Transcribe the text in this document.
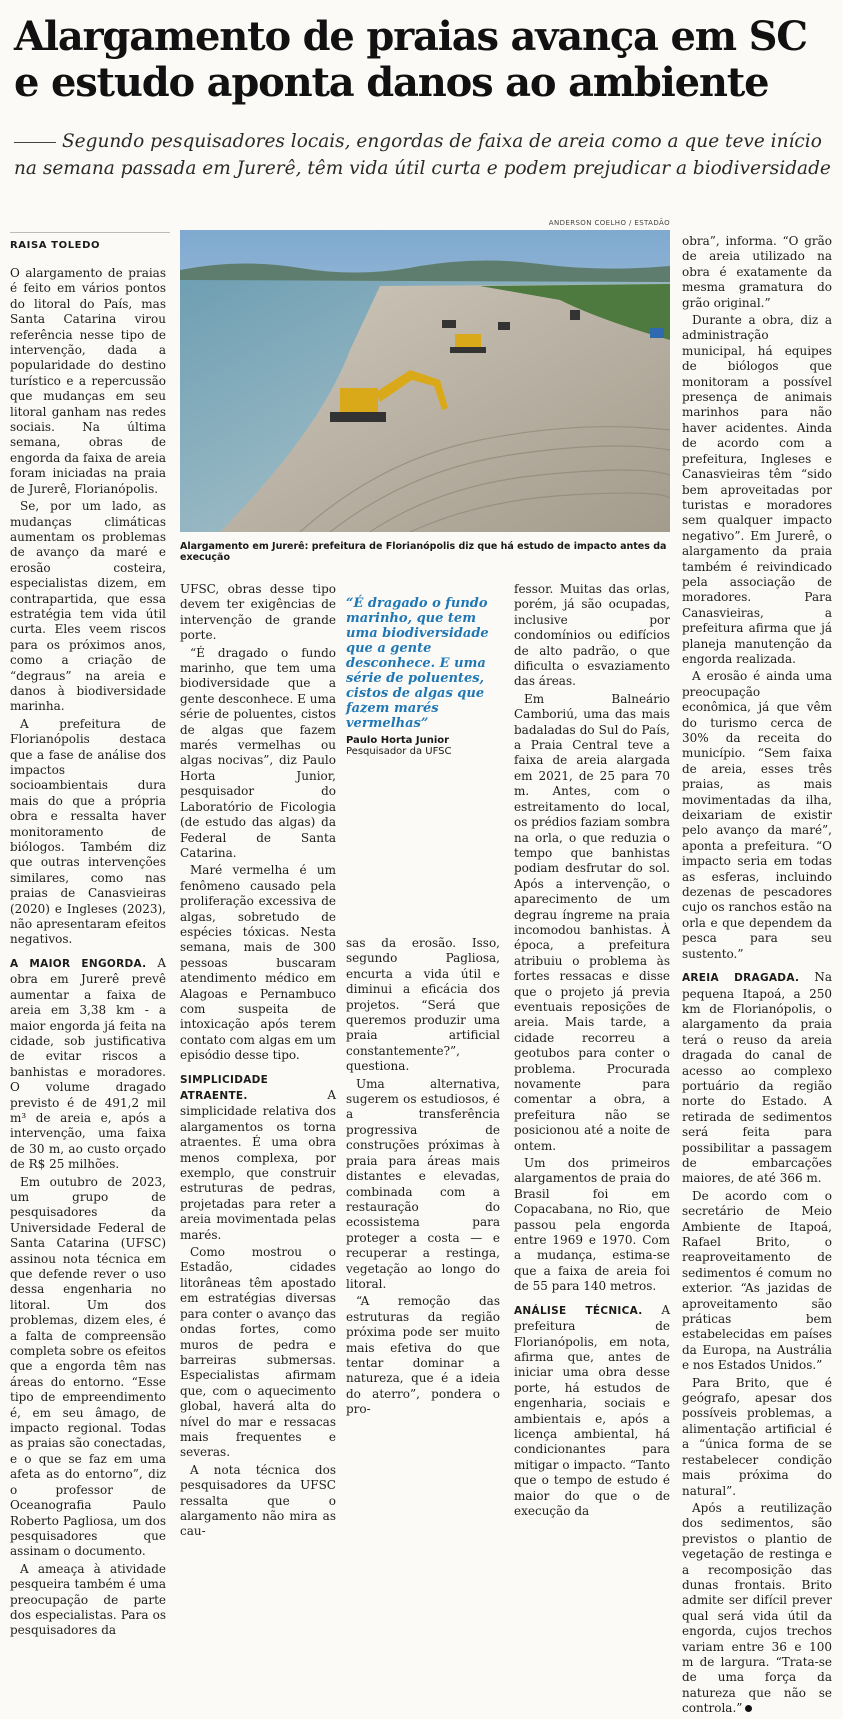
Alargamento de praias avança em SC e estudo aponta danos ao ambiente

Segundo pesquisadores locais, engordas de faixa de areia como a que teve início na semana passada em Jurerê, têm vida útil curta e podem prejudicar a biodiversidade

RAISA TOLEDO
ANDERSON COELHO / ESTADÃO
Alargamento em Jurerê: prefeitura de Florianópolis diz que há estudo de impacto antes da execução

O alargamento de praias é feito em vários pontos do litoral do País, mas Santa Catarina virou referência nesse tipo de intervenção, dada a popularidade do destino turístico e a repercussão que mudanças em seu litoral ganham nas redes sociais. Na última semana, obras de engorda da faixa de areia foram iniciadas na praia de Jurerê, Florianópolis.

Se, por um lado, as mudanças climáticas aumentam os problemas de avanço da maré e erosão costeira, especialistas dizem, em contrapartida, que essa estratégia tem vida útil curta. Eles veem riscos para os próximos anos, como a criação de “degraus” na areia e danos à biodiversidade marinha.

A prefeitura de Florianópolis destaca que a fase de análise dos impactos socioambientais dura mais do que a própria obra e ressalta haver monitoramento de biólogos. Também diz que outras intervenções similares, como nas praias de Canasvieiras (2020) e Ingleses (2023), não apresentaram efeitos negativos.

A MAIOR ENGORDA. A obra em Jurerê prevê aumentar a faixa de areia em 3,38 km - a maior engorda já feita na cidade, sob justificativa de evitar riscos a banhistas e moradores. O volume dragado previsto é de 491,2 mil m³ de areia e, após a intervenção, uma faixa de 30 m, ao custo orçado de R$ 25 milhões.

Em outubro de 2023, um grupo de pesquisadores da Universidade Federal de Santa Catarina (UFSC) assinou nota técnica em que defende rever o uso dessa engenharia no litoral. Um dos problemas, dizem eles, é a falta de compreensão completa sobre os efeitos que a engorda têm nas áreas do entorno. “Esse tipo de empreendimento é, em seu âmago, de impacto regional. Todas as praias são conectadas, e o que se faz em uma afeta as do entorno”, diz o professor de Oceanografia Paulo Roberto Pagliosa, um dos pesquisadores que assinam o documento.

A ameaça à atividade pesqueira também é uma preocupação de parte dos especialistas. Para os pesquisadores da

UFSC, obras desse tipo devem ter exigências de intervenção de grande porte.

“É dragado o fundo marinho, que tem uma biodiversidade que a gente desconhece. E uma série de poluentes, cistos de algas que fazem marés vermelhas ou algas nocivas”, diz Paulo Horta Junior, pesquisador do Laboratório de Ficologia (de estudo das algas) da Federal de Santa Catarina.

Maré vermelha é um fenômeno causado pela proliferação excessiva de algas, sobretudo de espécies tóxicas. Nesta semana, mais de 300 pessoas buscaram atendimento médico em Alagoas e Pernambuco com suspeita de intoxicação após terem contato com algas em um episódio desse tipo.

SIMPLICIDADE ATRAENTE.	A simplicidade relativa dos alargamentos os torna atraentes. É uma obra menos complexa, por exemplo, que construir estruturas de pedras, projetadas para reter a areia movimentada pelas marés.

Como mostrou o Estadão, cidades litorâneas têm apostado em estratégias diversas para conter o avanço das ondas fortes, como muros de pedra e barreiras submersas. Especialistas afirmam que, com o aquecimento global, haverá alta do nível do mar e ressacas mais frequentes e severas.

A nota técnica dos pesquisadores da UFSC ressalta que o alargamento não mira as cau-

“É dragado o fundo marinho, que tem uma biodiversidade que a gente desconhece. E uma série de poluentes, cistos de algas que fazem marés vermelhas”

Paulo Horta Junior
Pesquisador da UFSC

sas da erosão. Isso, segundo Pagliosa, encurta a vida útil e diminui a eficácia dos projetos. “Será que queremos produzir uma praia artificial constantemente?”, questiona.

Uma alternativa, sugerem os estudiosos, é a transferência progressiva de construções próximas à praia para áreas mais distantes e elevadas, combinada com a restauração do ecossistema para proteger a costa — e recuperar a restinga, vegetação ao longo do litoral.

“A remoção das estruturas da região próxima pode ser muito mais efetiva do que tentar dominar a natureza, que é a ideia do aterro”, pondera o pro-

fessor. Muitas das orlas, porém, já são ocupadas, inclusive por condomínios ou edifícios de alto padrão, o que dificulta o esvaziamento das áreas.

Em Balneário Camboriú, uma das mais badaladas do Sul do País, a Praia Central teve a faixa de areia alargada em 2021, de 25 para 70 m. Antes, com o estreitamento do local, os prédios faziam sombra na orla, o que reduzia o tempo que banhistas podiam desfrutar do sol. Após a intervenção, o aparecimento de um degrau íngreme na praia incomodou banhistas. À época, a prefeitura atribuiu o problema às fortes ressacas e disse que o projeto já previa eventuais reposições de areia. Mais tarde, a cidade recorreu a geotubos para conter o problema. Procurada novamente para comentar a obra, a prefeitura não se posicionou até a noite de ontem.

Um dos primeiros alargamentos de praia do Brasil foi em Copacabana, no Rio, que passou pela engorda entre 1969 e 1970. Com a mudança, estima-se que a faixa de areia foi de 55 para 140 metros.

ANÁLISE TÉCNICA. A prefeitura de Florianópolis, em nota, afirma que, antes de iniciar uma obra desse porte, há estudos de engenharia, sociais e ambientais e, após a licença ambiental, há condicionantes para mitigar o impacto. “Tanto que o tempo de estudo é maior do que o de execução da

obra”, informa. “O grão de areia utilizado na obra é exatamente da mesma gramatura do grão original.”

Durante a obra, diz a administração municipal, há equipes de biólogos que monitoram a possível presença de animais marinhos para não haver acidentes. Ainda de acordo com a prefeitura, Ingleses e Canasvieiras têm “sido bem aproveitadas por turistas e moradores sem qualquer impacto negativo”. Em Jurerê, o alargamento da praia também é reivindicado pela associação de moradores. Para Canasvieiras, a prefeitura afirma que já planeja manutenção da engorda realizada.

A erosão é ainda uma preocupação econômica, já que vêm do turismo cerca de 30% da receita do município. “Sem faixa de areia, esses três praias, as mais movimentadas da ilha, deixariam de existir pelo avanço da maré”, aponta a prefeitura. “O impacto seria em todas as esferas, incluindo dezenas de pescadores cujo os ranchos estão na orla e que dependem da pesca para seu sustento.”

AREIA DRAGADA. Na pequena Itapoá, a 250 km de Florianópolis, o alargamento da praia terá o reuso da areia dragada do canal de acesso ao complexo portuário da região norte do Estado. A retirada de sedimentos será feita para possibilitar a passagem de embarcações maiores, de até 366 m.

De acordo com o secretário de Meio Ambiente de Itapoá, Rafael Brito, o reaproveitamento de sedimentos é comum no exterior. “As jazidas de aproveitamento são práticas bem estabelecidas em países da Europa, na Austrália e nos Estados Unidos.”

Para Brito, que é geógrafo, apesar dos possíveis problemas, a alimentação artificial é a “única forma de se restabelecer condição mais próxima do natural”.

Após a reutilização dos sedimentos, são previstos o plantio de vegetação de restinga e a recomposição das dunas frontais. Brito admite ser difícil prever qual será vida útil da engorda, cujos trechos variam entre 36 e 100 m de largura. “Trata-se de uma força da natureza que não se controla.”
